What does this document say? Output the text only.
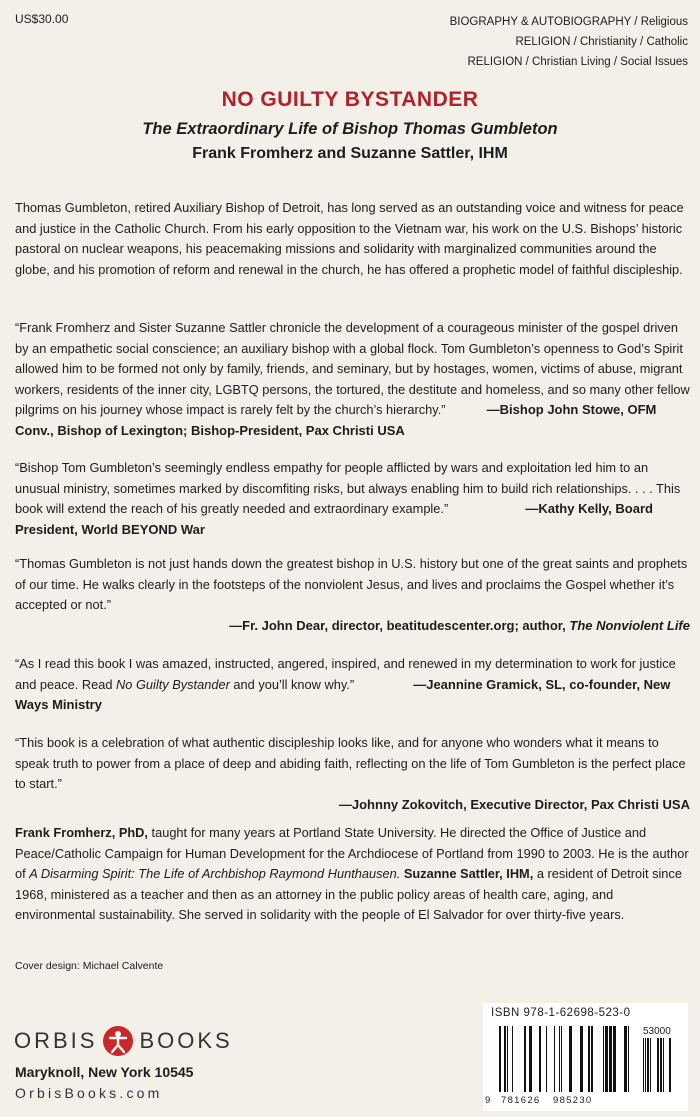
US$30.00	BIOGRAPHY & AUTOBIOGRAPHY / Religious
RELIGION / Christianity / Catholic
RELIGION / Christian Living / Social Issues
NO GUILTY BYSTANDER
The Extraordinary Life of Bishop Thomas Gumbleton
Frank Fromherz and Suzanne Sattler, IHM
Thomas Gumbleton, retired Auxiliary Bishop of Detroit, has long served as an outstanding voice and witness for peace and justice in the Catholic Church. From his early opposition to the Vietnam war, his work on the U.S. Bishops’ historic pastoral on nuclear weapons, his peacemaking missions and solidarity with marginalized communities around the globe, and his promotion of reform and renewal in the church, he has offered a prophetic model of faithful discipleship.
“Frank Fromherz and Sister Suzanne Sattler chronicle the development of a courageous minister of the gospel driven by an empathetic social conscience; an auxiliary bishop with a global flock. Tom Gumbleton’s openness to God’s Spirit allowed him to be formed not only by family, friends, and seminary, but by hostages, women, victims of abuse, migrant workers, residents of the inner city, LGBTQ persons, the tortured, the destitute and homeless, and so many other fellow pilgrims on his journey whose impact is rarely felt by the church’s hierarchy.”	—Bishop John Stowe, OFM Conv., Bishop of Lexington; Bishop-President, Pax Christi USA
“Bishop Tom Gumbleton’s seemingly endless empathy for people afflicted by wars and exploitation led him to an unusual ministry, sometimes marked by discomfiting risks, but always enabling him to build rich relationships. . . . This book will extend the reach of his greatly needed and extraordinary example.”	—Kathy Kelly, Board President, World BEYOND War
“Thomas Gumbleton is not just hands down the greatest bishop in U.S. history but one of the great saints and prophets of our time. He walks clearly in the footsteps of the nonviolent Jesus, and lives and proclaims the Gospel whether it’s accepted or not.”
—Fr. John Dear, director, beatitudescenter.org; author, The Nonviolent Life
“As I read this book I was amazed, instructed, angered, inspired, and renewed in my determination to work for justice and peace. Read No Guilty Bystander and you’ll know why.”	—Jeannine Gramick, SL, co-founder, New Ways Ministry
“This book is a celebration of what authentic discipleship looks like, and for anyone who wonders what it means to speak truth to power from a place of deep and abiding faith, reflecting on the life of Tom Gumbleton is the perfect place to start.”
—Johnny Zokovitch, Executive Director, Pax Christi USA
Frank Fromherz, PhD, taught for many years at Portland State University. He directed the Office of Justice and Peace/Catholic Campaign for Human Development for the Archdiocese of Portland from 1990 to 2003. He is the author of A Disarming Spirit: The Life of Archbishop Raymond Hunthausen. Suzanne Sattler, IHM, a resident of Detroit since 1968, ministered as a teacher and then as an attorney in the public policy areas of health care, aging, and environmental sustainability. She served in solidarity with the people of El Salvador for over thirty-five years.
Cover design: Michael Calvente
ORBIS BOOKS
Maryknoll, New York 10545
OrbisBooks.com
ISBN 978-1-62698-523-0
9 781626 985230
53000
